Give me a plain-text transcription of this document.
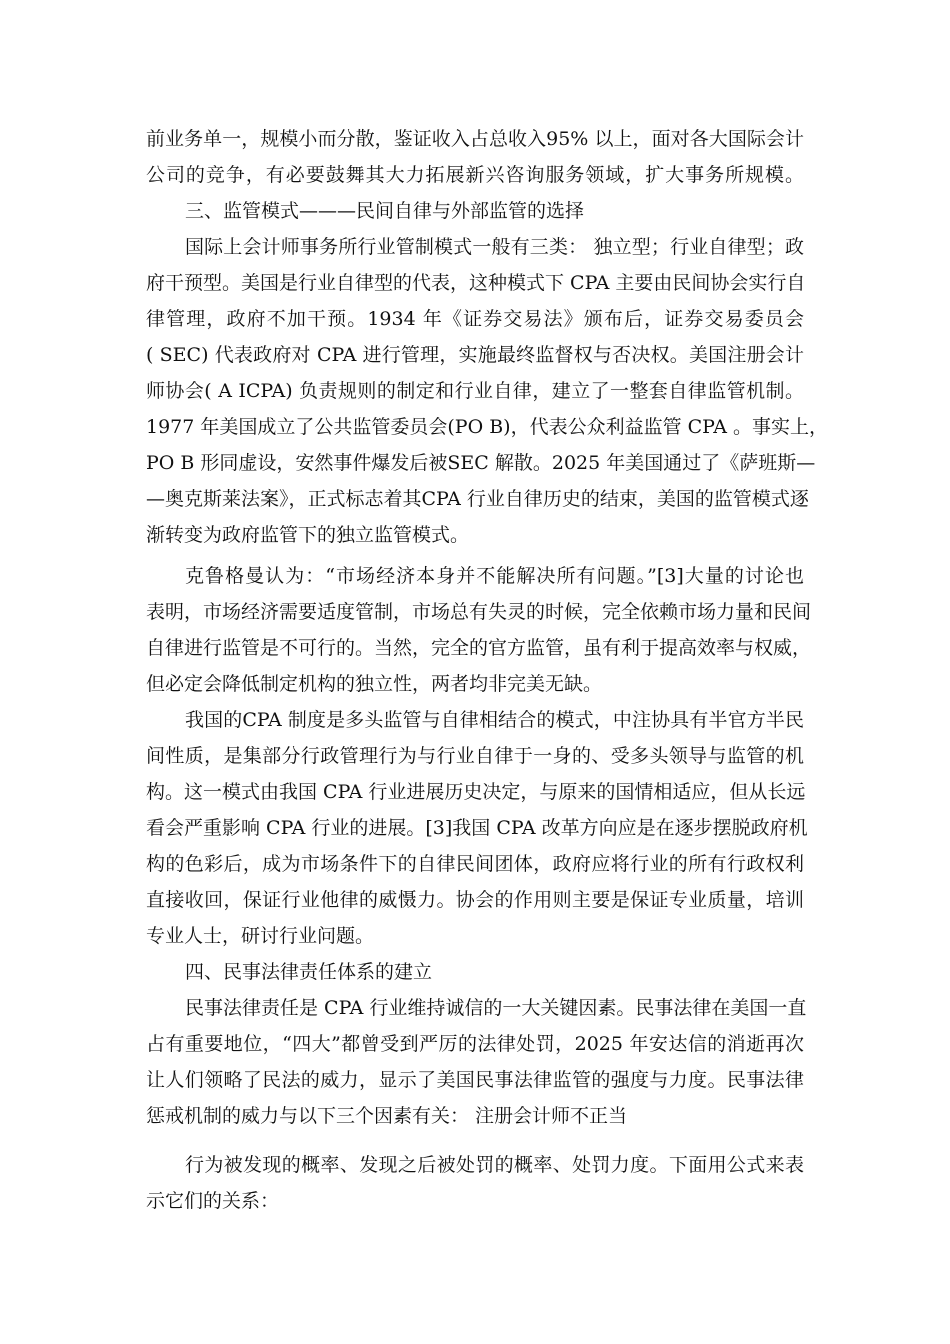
前业务单一，规模小而分散，鉴证收入占总收入95% 以上，面对各大国际会计
公司的竞争，有必要鼓舞其大力拓展新兴咨询服务领域，扩大事务所规模。
三、监管模式———民间自律与外部监管的选择
国际上会计师事务所行业管制模式一般有三类： 独立型；行业自律型；政
府干预型。美国是行业自律型的代表，这种模式下 CPA 主要由民间协会实行自
律管理，政府不加干预。1934 年《证券交易法》颁布后，证券交易委员会
( SEC) 代表政府对 CPA 进行管理，实施最终监督权与否决权。美国注册会计
师协会( A ICPA) 负责规则的制定和行业自律，建立了一整套自律监管机制。
1977 年美国成立了公共监管委员会(PO B)，代表公众利益监管 CPA 。事实上，
PO B 形同虚设，安然事件爆发后被SEC 解散。2025 年美国通过了《萨班斯—
—奥克斯莱法案》，正式标志着其CPA 行业自律历史的结束，美国的监管模式逐
渐转变为政府监管下的独立监管模式。
克鲁格曼认为：“市场经济本身并不能解决所有问题。”[3]大量的讨论也
表明，市场经济需要适度管制，市场总有失灵的时候，完全依赖市场力量和民间
自律进行监管是不可行的。当然，完全的官方监管，虽有利于提高效率与权威，
但必定会降低制定机构的独立性，两者均非完美无缺。
我国的CPA 制度是多头监管与自律相结合的模式，中注协具有半官方半民
间性质，是集部分行政管理行为与行业自律于一身的、受多头领导与监管的机
构。这一模式由我国 CPA 行业进展历史决定，与原来的国情相适应，但从长远
看会严重影响 CPA 行业的进展。[3]我国 CPA 改革方向应是在逐步摆脱政府机
构的色彩后，成为市场条件下的自律民间团体，政府应将行业的所有行政权利
直接收回，保证行业他律的威慑力。协会的作用则主要是保证专业质量，培训
专业人士，研讨行业问题。
四、民事法律责任体系的建立
民事法律责任是 CPA 行业维持诚信的一大关键因素。民事法律在美国一直
占有重要地位，“四大”都曾受到严厉的法律处罚，2025 年安达信的消逝再次
让人们领略了民法的威力，显示了美国民事法律监管的强度与力度。民事法律
惩戒机制的威力与以下三个因素有关： 注册会计师不正当
行为被发现的概率、发现之后被处罚的概率、处罚力度。下面用公式来表
示它们的关系：
